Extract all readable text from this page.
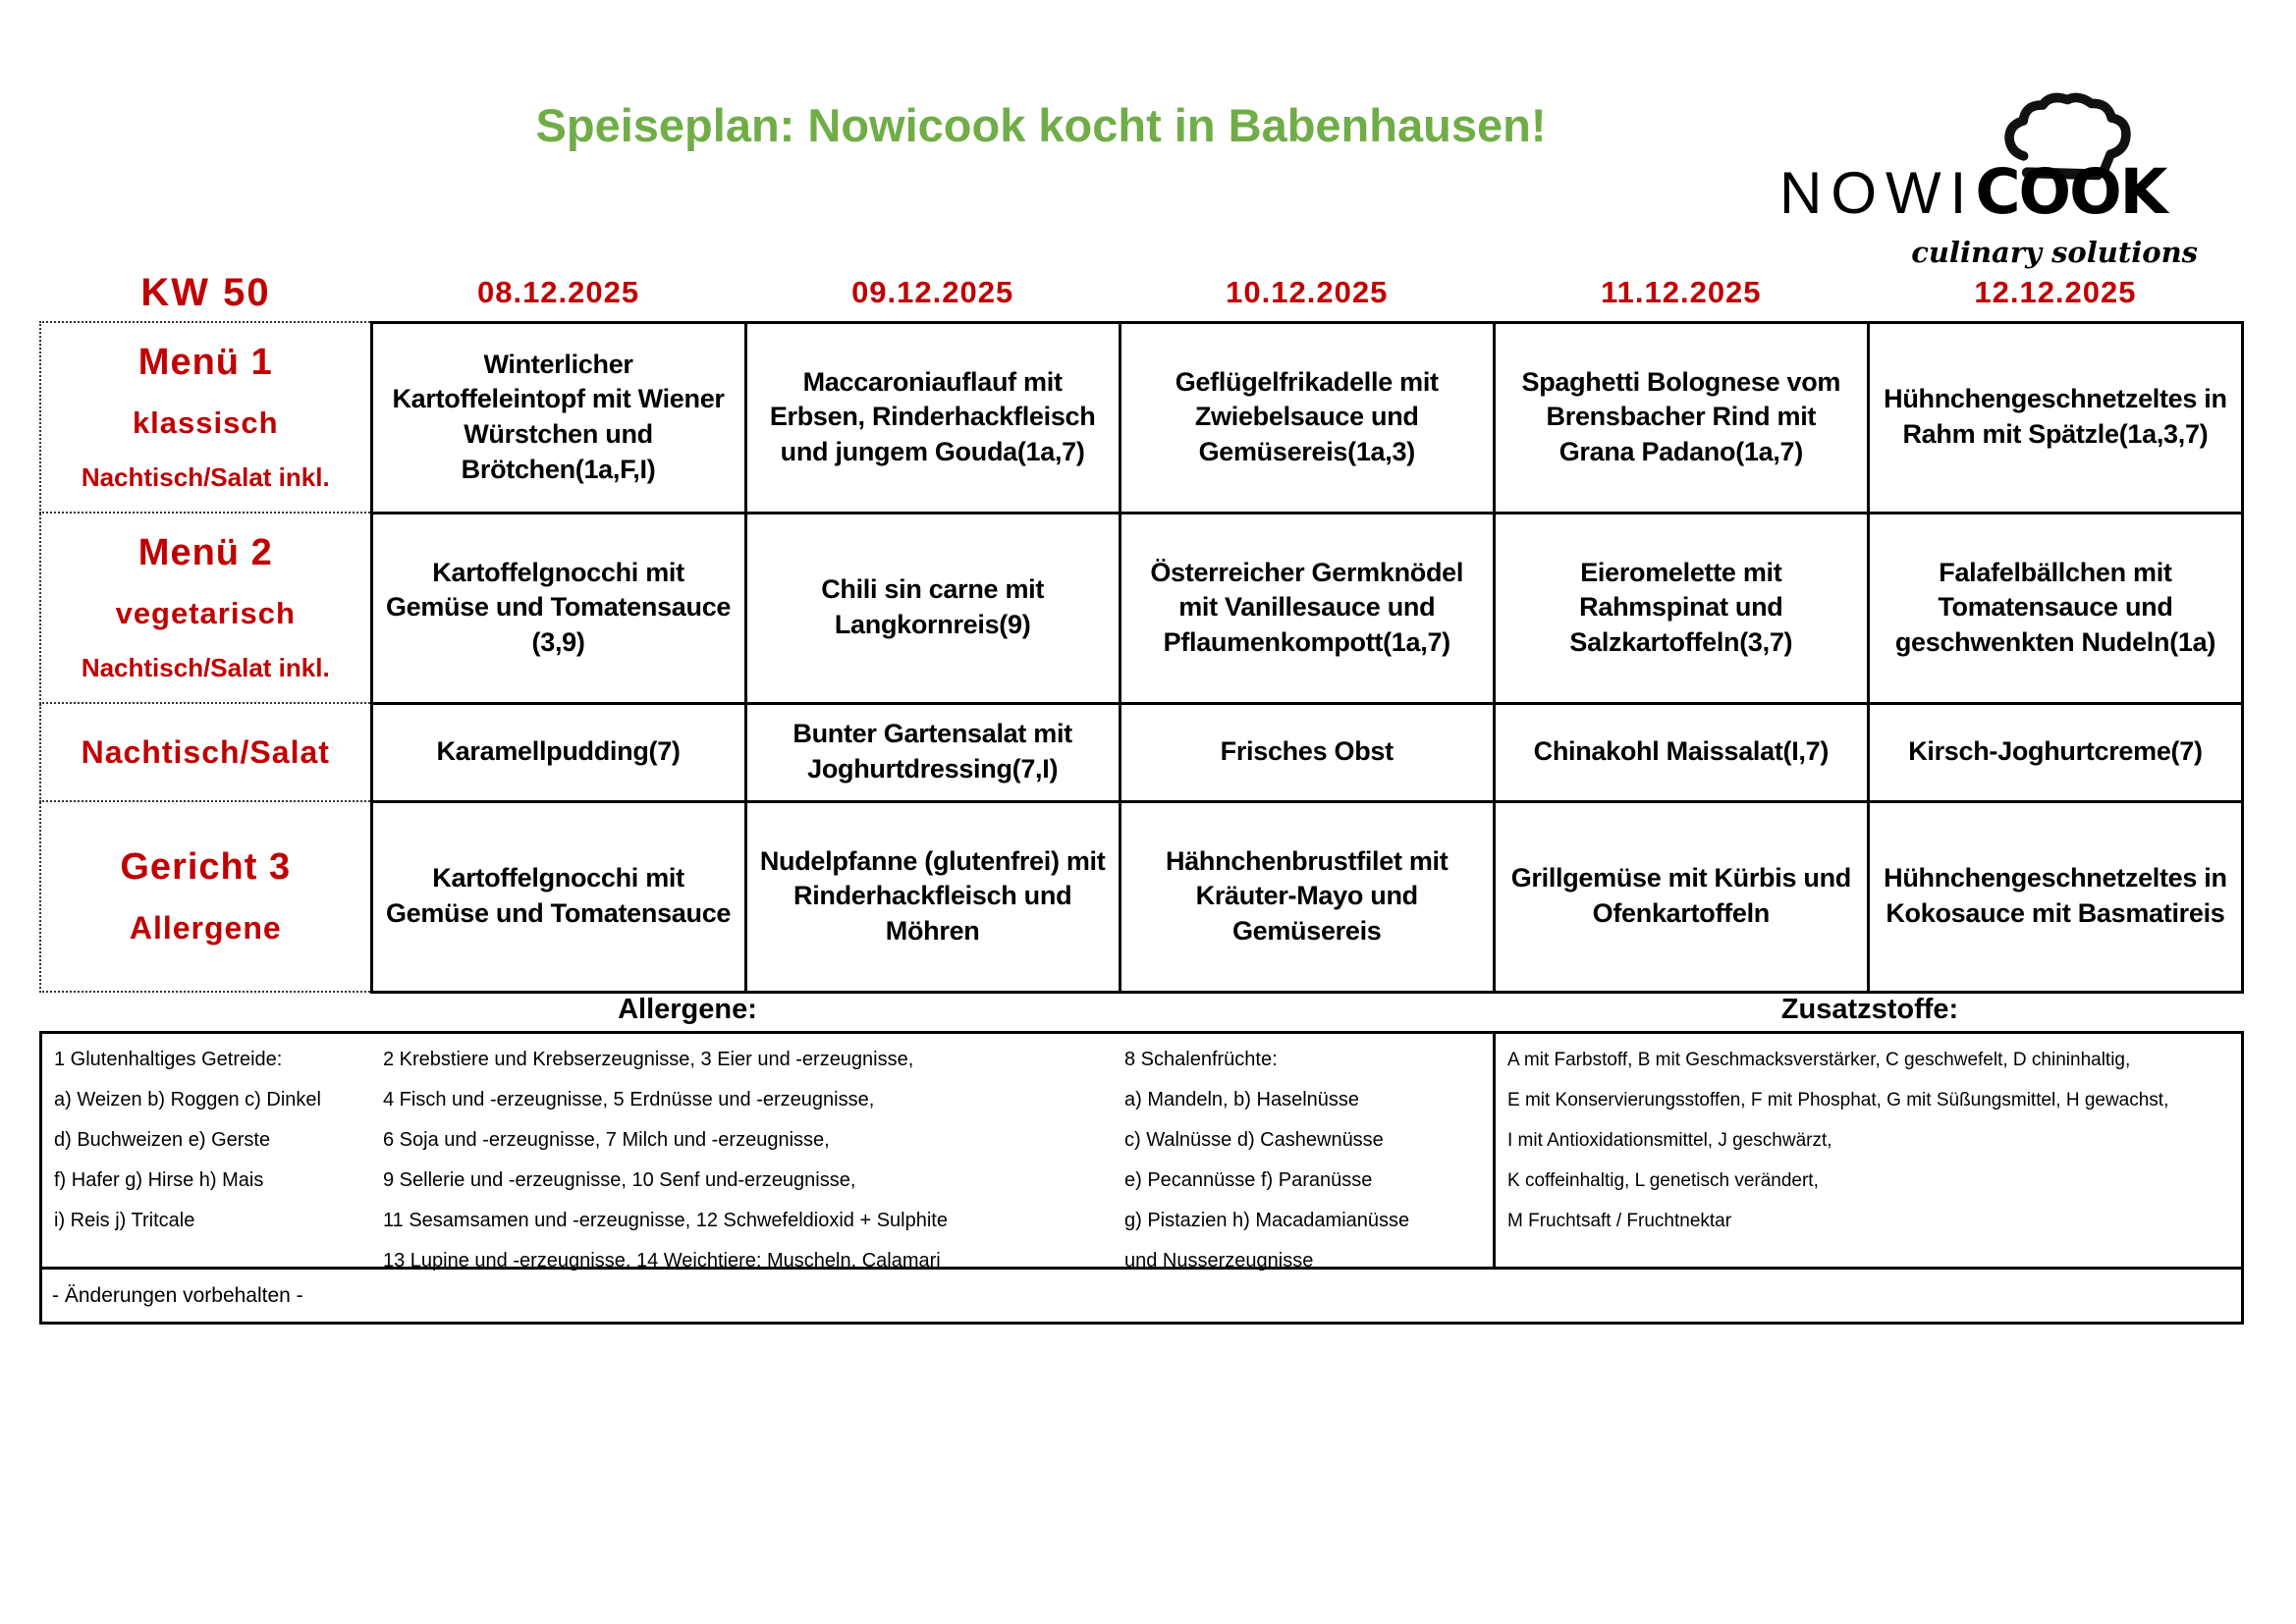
Speiseplan: Nowicook kocht in Babenhausen!
NOWICOOK
culinary solutions
KW 50	08.12.2025	09.12.2025	10.12.2025	11.12.2025	12.12.2025

Menü 1
klassisch
Nachtisch/Salat inkl.	Winterlicher Kartoffeleintopf mit Wiener Würstchen und Brötchen(1a,F,I)	Maccaroniauflauf mit Erbsen, Rinderhackfleisch und jungem Gouda(1a,7)	Geflügelfrikadelle mit Zwiebelsauce und Gemüsereis(1a,3)	Spaghetti Bolognese vom Brensbacher Rind mit Grana Padano(1a,7)	Hühnchengeschnetzeltes in Rahm mit Spätzle(1a,3,7)

Menü 2
vegetarisch
Nachtisch/Salat inkl.	Kartoffelgnocchi mit Gemüse und Tomatensauce (3,9)	Chili sin carne mit Langkornreis(9)	Österreicher Germknödel mit Vanillesauce und Pflaumenkompott(1a,7)	Eieromelette mit Rahmspinat und Salzkartoffeln(3,7)	Falafelbällchen mit Tomatensauce und geschwenkten Nudeln(1a)

Nachtisch/Salat	Karamellpudding(7)	Bunter Gartensalat mit Joghurtdressing(7,I)	Frisches Obst	Chinakohl Maissalat(I,7)	Kirsch-Joghurtcreme(7)

Gericht 3
Allergene	Kartoffelgnocchi mit Gemüse und Tomatensauce	Nudelpfanne (glutenfrei) mit Rinderhackfleisch und Möhren	Hähnchenbrustfilet mit Kräuter-Mayo und Gemüsereis	Grillgemüse mit Kürbis und Ofenkartoffeln	Hühnchengeschnetzeltes in Kokosauce mit Basmatireis
Allergene:	Zusatzstoffe:
1 Glutenhaltiges Getreide:
a) Weizen b) Roggen c) Dinkel
d) Buchweizen e) Gerste
f) Hafer g) Hirse h) Mais
i) Reis j) Tritcale
2 Krebstiere und Krebserzeugnisse, 3 Eier und -erzeugnisse,
4 Fisch und -erzeugnisse, 5 Erdnüsse und -erzeugnisse,
6 Soja und -erzeugnisse, 7 Milch und -erzeugnisse,
9 Sellerie und -erzeugnisse, 10 Senf und-erzeugnisse,
11 Sesamsamen und -erzeugnisse, 12 Schwefeldioxid + Sulphite
13 Lupine und -erzeugnisse, 14 Weichtiere: Muscheln, Calamari
8 Schalenfrüchte:
a) Mandeln, b) Haselnüsse
c) Walnüsse d) Cashewnüsse
e) Pecannüsse f) Paranüsse
g) Pistazien h) Macadamianüsse
und Nusserzeugnisse
A mit Farbstoff, B mit Geschmacksverstärker, C geschwefelt, D chininhaltig,
E mit Konservierungsstoffen, F mit Phosphat, G mit Süßungsmittel, H gewachst,
I mit Antioxidationsmittel, J geschwärzt,
K coffeinhaltig, L genetisch verändert,
M Fruchtsaft / Fruchtnektar
- Änderungen vorbehalten -
